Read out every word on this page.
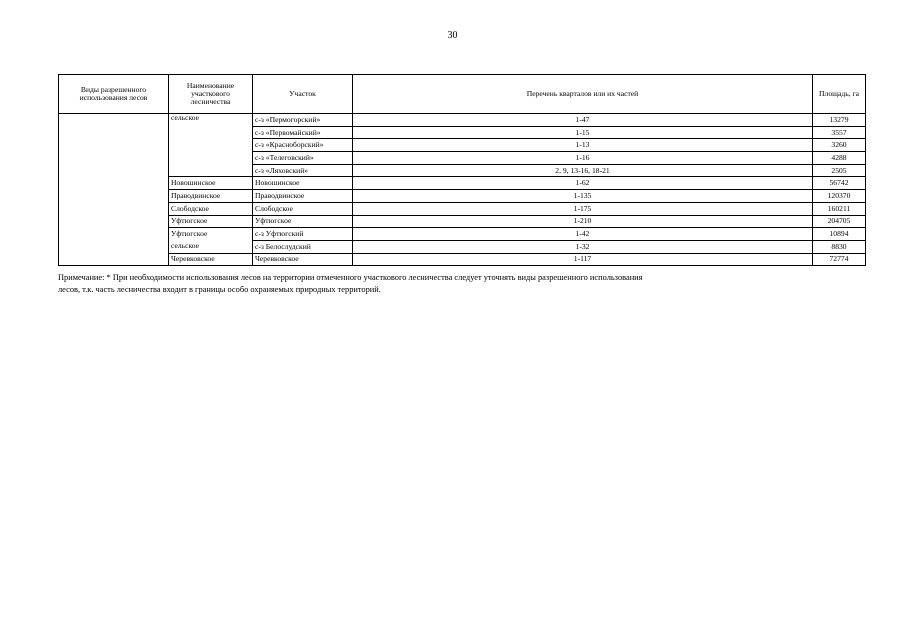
30
Виды разрешенного использования лесов	Наименование участкового лесничества	Участок	Перечень кварталов или их частей	Площадь, га
	сельское	с-з «Пермогорский»	1-47	13279
		с-з «Первомайский»	1-15	3557
		с-з «Красноборский»	1-13	3260
		с-з «Телеговский»	1-16	4288
		с-з «Ляховский»	2, 9, 13-16, 18-21	2505
	Новошинское	Новошинское	1-62	56742
	Праводвинское	Праводвинское	1-135	120370
	Слободское	Слободское	1-175	160211
	Уфтюгское	Уфтюгское	1-210	204705
	Уфтюгское	с-з Уфтюгский	1-42	10894
	сельское	с-з Белослудский	1-32	8830
	Черевковское	Черевковское	1-117	72774
Примечание: * При необходимости использования лесов на территории отмеченного участкового лесничества следует уточнять виды разрешенного использования
лесов, т.к. часть лесничества входит в границы особо охраняемых природных территорий.
